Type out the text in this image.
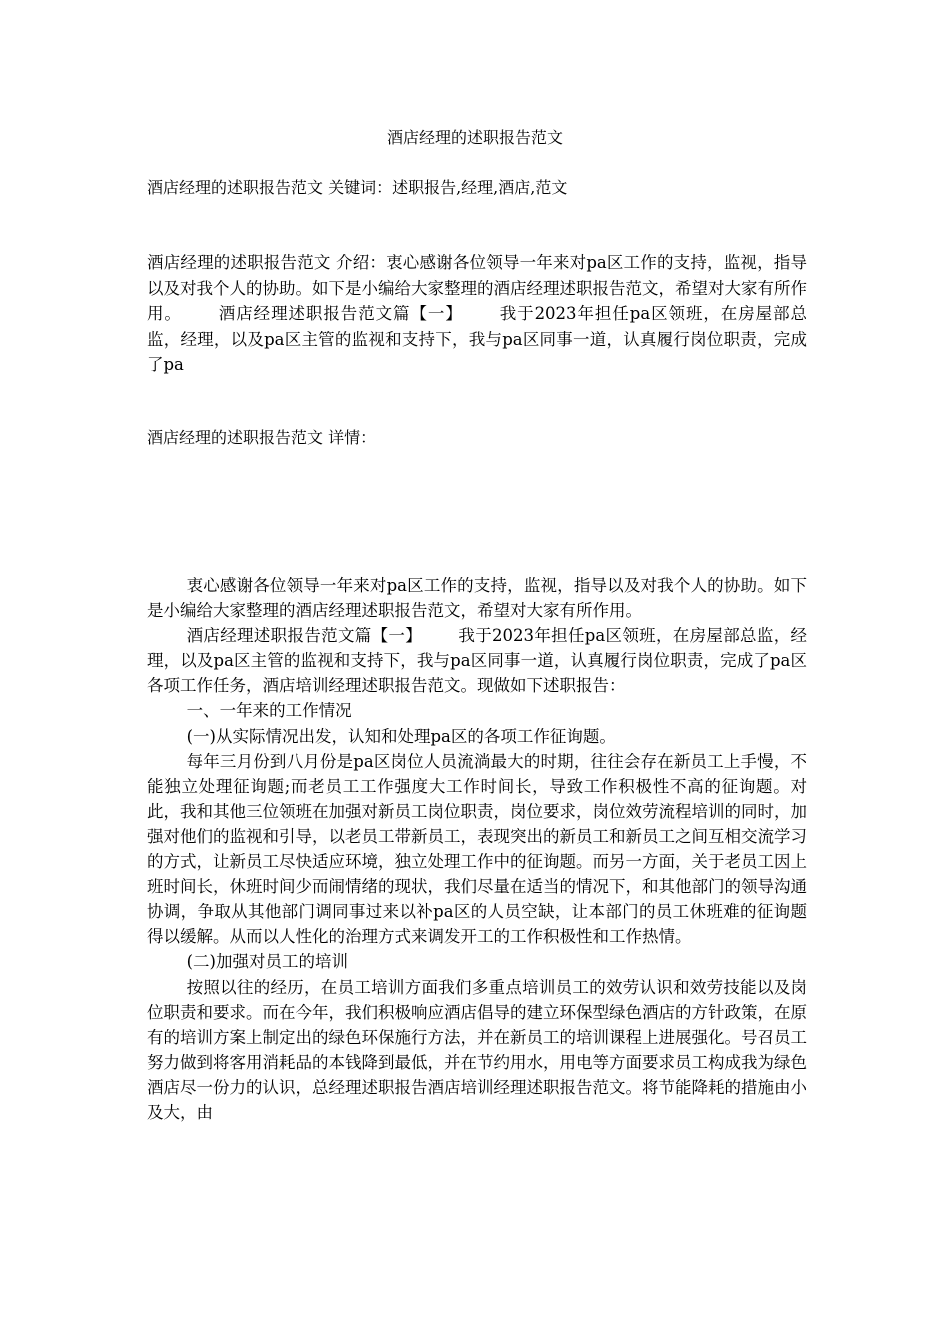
酒店经理的述职报告范文
酒店经理的述职报告范文 关键词：述职报告,经理,酒店,范文
酒店经理的述职报告范文 介绍：衷心感谢各位领导一年来对pa区工作的支持，监视，指导以及对我个人的协助。如下是小编给大家整理的酒店经理述职报告范文，希望对大家有所作用。 酒店经理述职报告范文篇【一】 我于2023年担任pa区领班，在房屋部总监，经理，以及pa区主管的监视和支持下，我与pa区同事一道，认真履行岗位职责，完成了pa
酒店经理的述职报告范文 详情：

衷心感谢各位领导一年来对pa区工作的支持，监视，指导以及对我个人的协助。如下是小编给大家整理的酒店经理述职报告范文，希望对大家有所作用。

酒店经理述职报告范文篇【一】 我于2023年担任pa区领班，在房屋部总监，经理，以及pa区主管的监视和支持下，我与pa区同事一道，认真履行岗位职责，完成了pa区各项工作任务，酒店培训经理述职报告范文。现做如下述职报告：

一、一年来的工作情况

(一)从实际情况出发，认知和处理pa区的各项工作征询题。

每年三月份到八月份是pa区岗位人员流淌最大的时期，往往会存在新员工上手慢，不能独立处理征询题;而老员工工作强度大工作时间长，导致工作积极性不高的征询题。对此，我和其他三位领班在加强对新员工岗位职责，岗位要求，岗位效劳流程培训的同时，加强对他们的监视和引导，以老员工带新员工，表现突出的新员工和新员工之间互相交流学习的方式，让新员工尽快适应环境，独立处理工作中的征询题。而另一方面，关于老员工因上班时间长，休班时间少而闹情绪的现状，我们尽量在适当的情况下，和其他部门的领导沟通协调，争取从其他部门调同事过来以补pa区的人员空缺，让本部门的员工休班难的征询题得以缓解。从而以人性化的治理方式来调发开工的工作积极性和工作热情。

(二)加强对员工的培训

按照以往的经历，在员工培训方面我们多重点培训员工的效劳认识和效劳技能以及岗位职责和要求。而在今年，我们积极响应酒店倡导的建立环保型绿色酒店的方针政策，在原有的培训方案上制定出的绿色环保施行方法，并在新员工的培训课程上进展强化。号召员工努力做到将客用消耗品的本钱降到最低，并在节约用水，用电等方面要求员工构成我为绿色酒店尽一份力的认识，总经理述职报告酒店培训经理述职报告范文。将节能降耗的措施由小及大，由
